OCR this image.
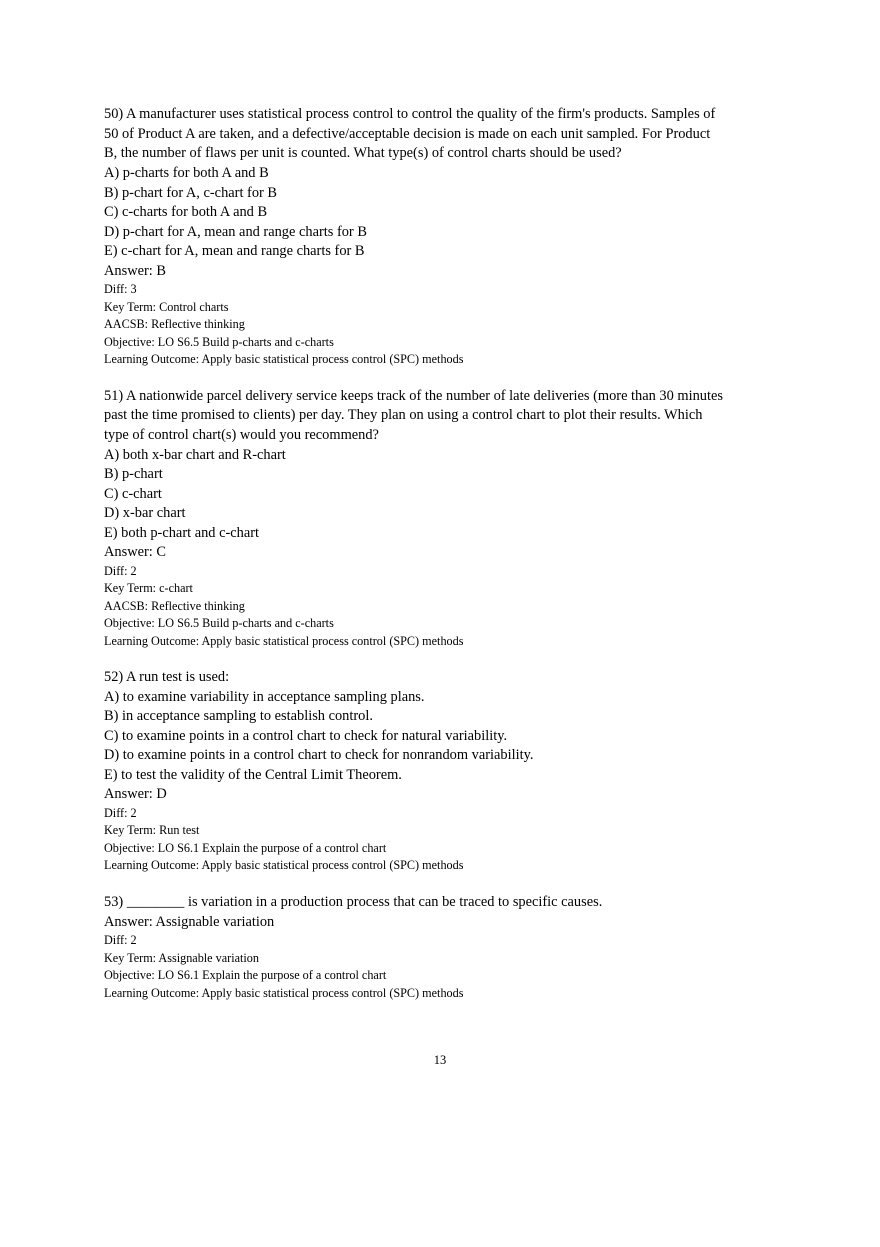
50) A manufacturer uses statistical process control to control the quality of the firm's products. Samples of 50 of Product A are taken, and a defective/acceptable decision is made on each unit sampled. For Product B, the number of flaws per unit is counted. What type(s) of control charts should be used?

A) p-charts for both A and B

B) p-chart for A, c-chart for B

C) c-charts for both A and B

D) p-chart for A, mean and range charts for B

E) c-chart for A, mean and range charts for B

Answer: B

Diff: 3

Key Term: Control charts

AACSB: Reflective thinking

Objective: LO S6.5 Build p-charts and c-charts

Learning Outcome: Apply basic statistical process control (SPC) methods

51) A nationwide parcel delivery service keeps track of the number of late deliveries (more than 30 minutes past the time promised to clients) per day. They plan on using a control chart to plot their results. Which type of control chart(s) would you recommend?

A) both x-bar chart and R-chart

B) p-chart

C) c-chart

D) x-bar chart

E) both p-chart and c-chart

Answer: C

Diff: 2

Key Term: c-chart

AACSB: Reflective thinking

Objective: LO S6.5 Build p-charts and c-charts

Learning Outcome: Apply basic statistical process control (SPC) methods

52) A run test is used:

A) to examine variability in acceptance sampling plans.

B) in acceptance sampling to establish control.

C) to examine points in a control chart to check for natural variability.

D) to examine points in a control chart to check for nonrandom variability.

E) to test the validity of the Central Limit Theorem.

Answer: D

Diff: 2

Key Term: Run test

Objective: LO S6.1 Explain the purpose of a control chart

Learning Outcome: Apply basic statistical process control (SPC) methods

53) ________ is variation in a production process that can be traced to specific causes.

Answer: Assignable variation

Diff: 2

Key Term: Assignable variation

Objective: LO S6.1 Explain the purpose of a control chart

Learning Outcome: Apply basic statistical process control (SPC) methods

13
